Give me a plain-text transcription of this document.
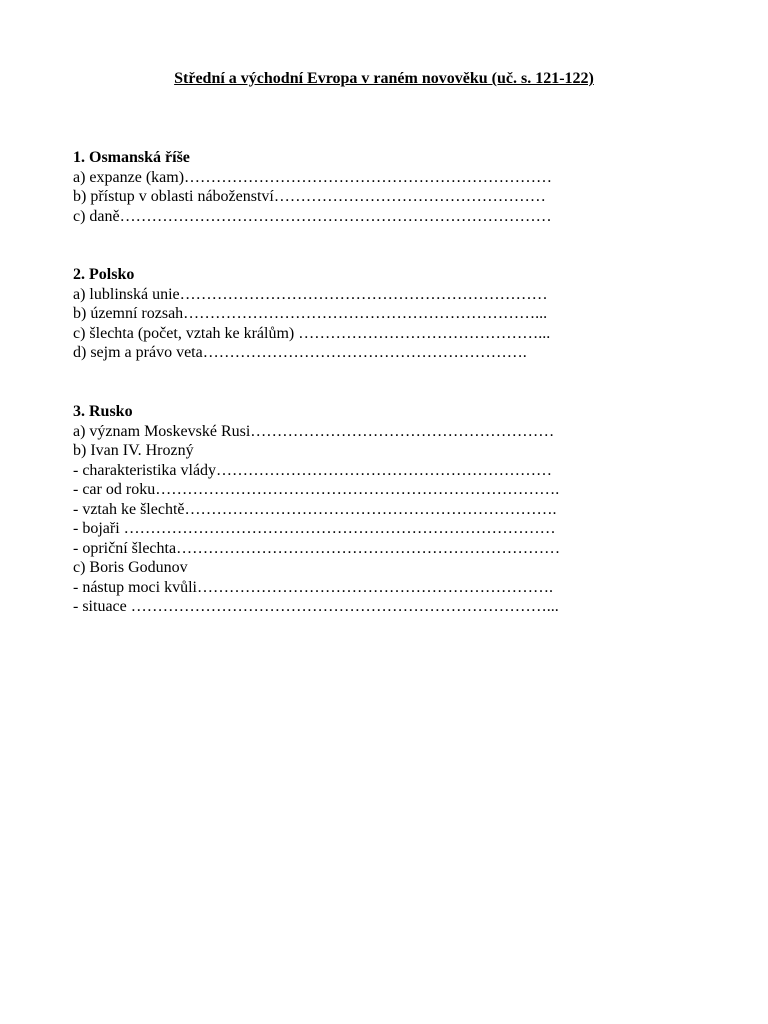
Střední a východní Evropa v raném novověku (uč. s. 121-122)

1. Osmanská říše

a) expanze (kam)……………………………………………………………

b) přístup v oblasti náboženství……………………………………………

c) daně………………………………………………………………………

2. Polsko

a) lublinská unie……………………………………………………………

b) územní rozsah…………………………………………………………...

c) šlechta (počet, vztah ke králům) ………………………………………...

d) sejm a právo veta…………………………………………………….

3. Rusko

a) význam Moskevské Rusi…………………………………………………

b) Ivan IV. Hrozný

- charakteristika vlády………………………………………………………

- car od roku………………………………………………………………….

- vztah ke šlechtě…………………………………………………………….

- bojaři ………………………………………………………………………

- opriční šlechta………………………………………………………………

c) Boris Godunov

- nástup moci kvůli………………………………………………………….

- situace ……………………………………………………………………...
